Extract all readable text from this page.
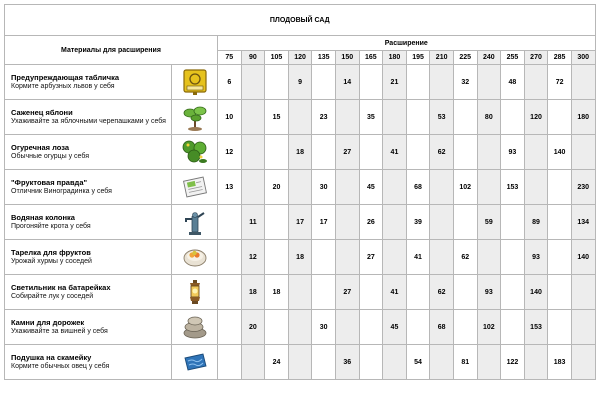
ПЛОДОВЫЙ САД																	
Материалы для расширения		Расширение															
		75	90	105	120	135	150	165	180	195	210	225	240	255	270	285	300

Предупреждающая табличка
Кормите арбузных львов у себя		6			9		14		21			32		48		72	

Саженец яблони
Ухаживайте за яблочными черепашками у себя		10		15		23		35			53		80		120		180

Огуречная лоза
Обычные огурцы у себя		12			18		27		41		62			93		140	

"Фруктовая правда"
Отличник Виноградинка у себя		13		20		30		45		68		102		153			230

Водяная колонка
Прогоняйте крота у себя			11		17	17		26		39			59		89		134

Тарелка для фруктов
Урожай хурмы у соседей			12		18			27		41		62			93		140

Светильник на батарейках
Собирайте лук у соседей			18	18			27		41		62		93		140		

Камни для дорожек
Ухаживайте за вишней у себя			20			30			45		68		102		153		

Подушка на скамейку
Кормите обычных овец у себя				24			36			54		81		122		183	
